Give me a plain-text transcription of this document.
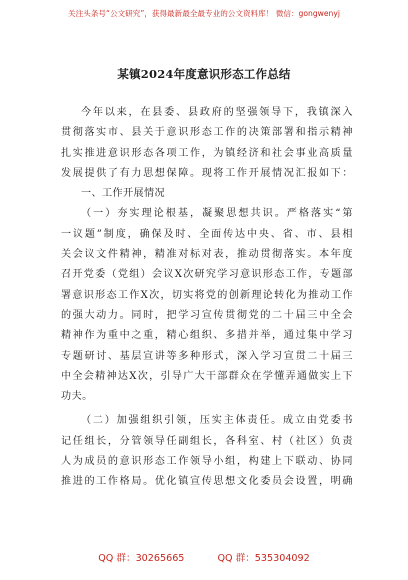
关注头条号“公文研究”，获得最新最全最专业的公文资料库！ 微信：gongwenyj
某镇2024年度意识形态工作总结
今年以来，在县委、县政府的坚强领导下，我镇深入
贯彻落实市、县关于意识形态工作的决策部署和指示精神
扎实推进意识形态各项工作，为镇经济和社会事业高质量
发展提供了有力思想保障。现将工作开展情况汇报如下：
一、工作开展情况
（一）夯实理论根基，凝聚思想共识。严格落实“第
一议题”制度，确保及时、全面传达中央、省、市、县相
关会议文件精神，精准对标对表，推动贯彻落实。本年度
召开党委（党组）会议X次研究学习意识形态工作，专题部
署意识形态工作X次，切实将党的创新理论转化为推动工作
的强大动力。同时，把学习宣传贯彻党的二十届三中全会
精神作为重中之重，精心组织、多措并举，通过集中学习
专题研讨、基层宣讲等多种形式，深入学习宣贯二十届三
中全会精神达X次，引导广大干部群众在学懂弄通做实上下
功夫。
（二）加强组织引领，压实主体责任。成立由党委书
记任组长，分管领导任副组长，各科室、村（社区）负责
人为成员的意识形态工作领导小组，构建上下联动、协同
推进的工作格局。优化镇宣传思想文化委员会设置，明确
QQ 群：30265665	QQ 群：535304092
